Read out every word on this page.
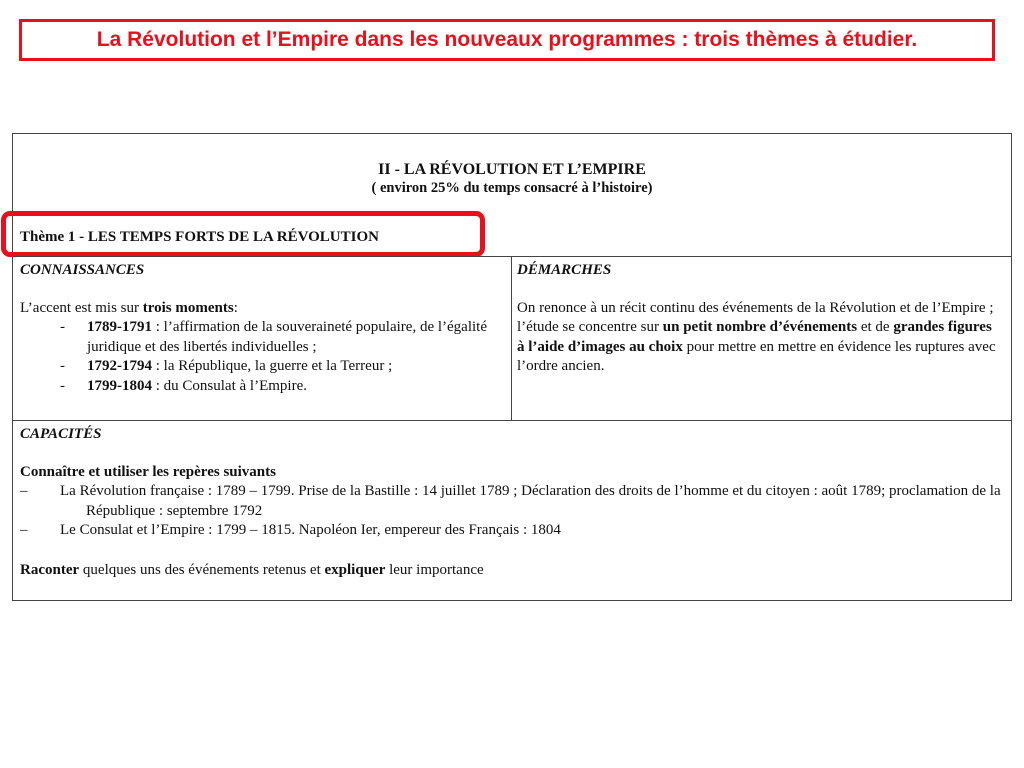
La Révolution et l’Empire dans les nouveaux programmes : trois thèmes à étudier.
II - LA RÉVOLUTION ET L’EMPIRE
( environ 25% du temps consacré à l’histoire)
Thème 1 - LES TEMPS FORTS DE LA RÉVOLUTION
CONNAISSANCES
L’accent est mis sur trois moments:
- 1789-1791 : l’affirmation de la souveraineté populaire, de l’égalité juridique et des libertés individuelles ;
- 1792-1794 : la République, la guerre et la Terreur ;
- 1799-1804 : du Consulat à l’Empire.
DÉMARCHES
On renonce à un récit continu des événements de la Révolution et de l’Empire ; l’étude se concentre sur un petit nombre d’événements et de grandes figures à l’aide d’images au choix pour mettre en mettre en évidence les ruptures avec l’ordre ancien.
CAPACITÉS
Connaître et utiliser les repères suivants
– La Révolution française : 1789 – 1799. Prise de la Bastille : 14 juillet 1789 ; Déclaration des droits de l’homme et du citoyen : août 1789; proclamation de la République : septembre 1792
– Le Consulat et l’Empire : 1799 – 1815. Napoléon Ier, empereur des Français : 1804
Raconter quelques uns des événements retenus et expliquer leur importance
